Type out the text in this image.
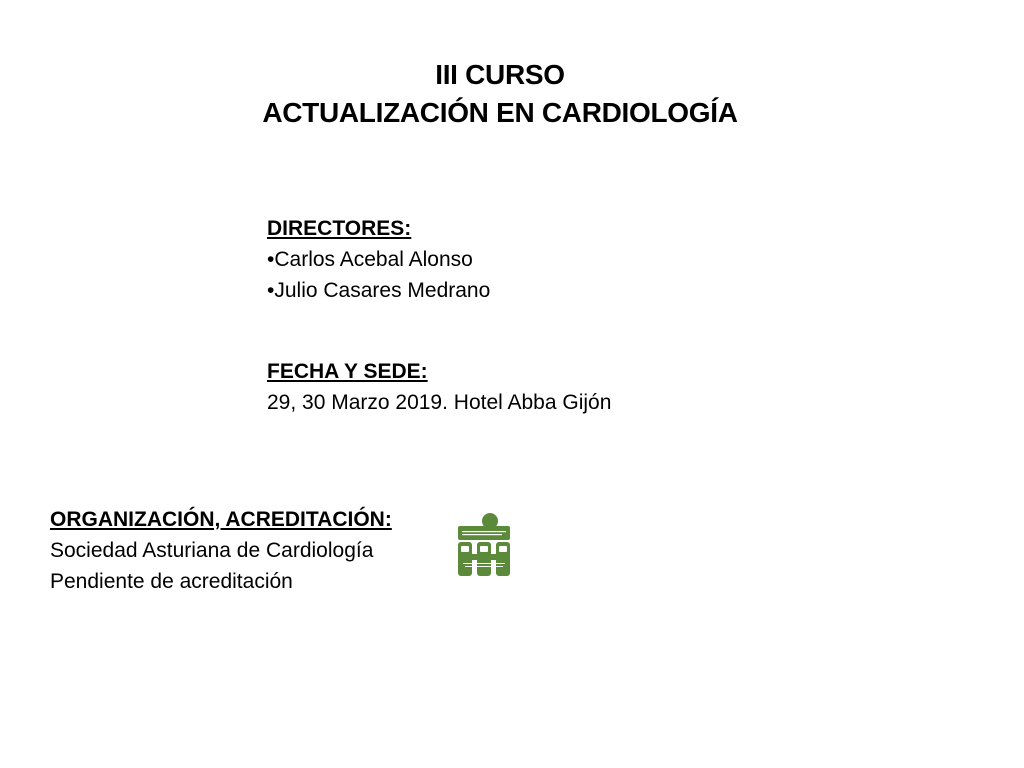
III CURSO
ACTUALIZACIÓN EN CARDIOLOGÍA
DIRECTORES:
•Carlos Acebal Alonso
•Julio Casares Medrano
FECHA Y SEDE:
29, 30 Marzo 2019. Hotel Abba Gijón
ORGANIZACIÓN, ACREDITACIÓN:
Sociedad Asturiana de Cardiología
Pendiente de acreditación
